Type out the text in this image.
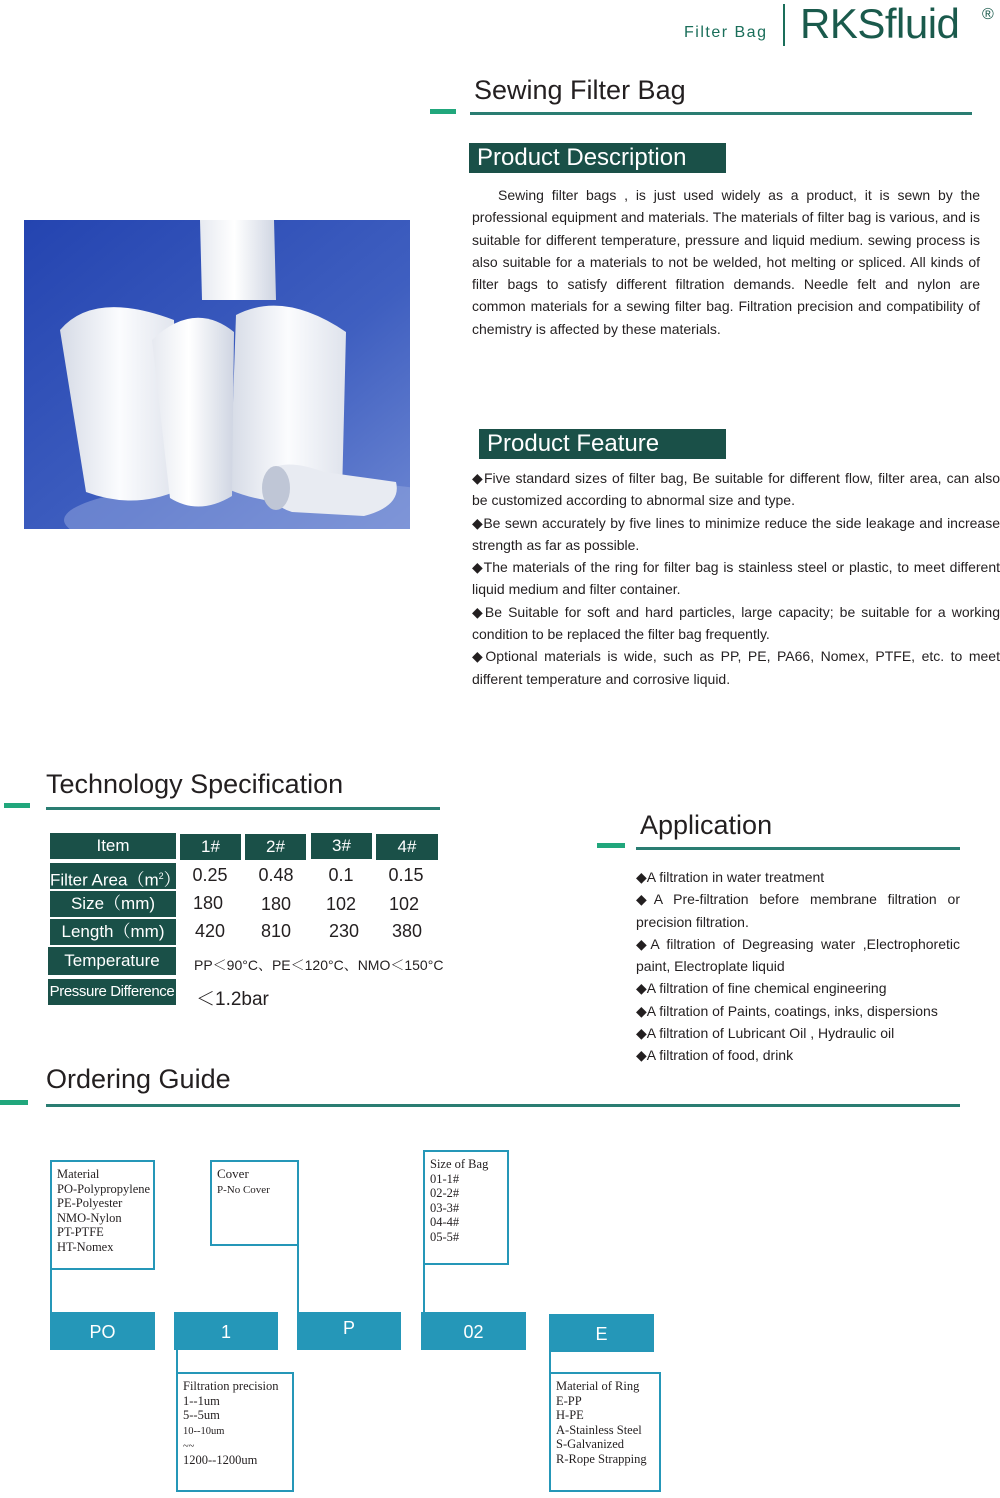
Filter Bag RKSfluid ®
Sewing Filter Bag
Product Description

Sewing filter bags , is just used widely as a product, it is sewn by the professional equipment and materials. The materials of filter bag is various, and is suitable for different temperature, pressure and liquid medium. sewing process is also suitable for a materials to not be welded, hot melting or spliced. All kinds of filter bags to satisfy different filtration demands. Needle felt and nylon are common materials for a sewing filter bag. Filtration precision and compatibility of chemistry is affected by these materials.

Product Feature

◆ Five standard sizes of filter bag, Be suitable for different flow, filter area, can also be customized according to abnormal size and type.

◆ Be sewn accurately by five lines to minimize reduce the side leakage and increase strength as far as possible.

◆ The materials of the ring for filter bag is stainless steel or plastic, to meet different liquid medium and filter container.

◆ Be Suitable for soft and hard particles, large capacity; be suitable for a working condition to be replaced the filter bag frequently.

◆ Optional materials is wide, such as PP, PE, PA66, Nomex, PTFE, etc. to meet different temperature and corrosive liquid.

Technology Specification
Item	1#	2#	3#	4#
Filter $Area(m^2)$ 0.25	0.48	0.1	0.15
Size（mm)	180	180	102	102
Length（mm)	420	810	230	380
Temperature	PP＜90°C、PE＜120°C、NMO＜150°C
Pressure Difference ＜1.2bar
Application

◆ A filtration in water treatment

◆ A Pre-filtration before membrane filtration or precision filtration.

◆ A filtration of Degreasing water ,Electrophoretic paint, Electroplate liquid

◆ A filtration of fine chemical engineering

◆ A filtration of Paints, coatings, inks, dispersions

◆ A filtration of Lubricant Oil , Hydraulic oil

◆ A filtration of food, drink

Ordering Guide
Material
PO-Polypropylene
PE-Polyester
NMO-Nylon
PT-PTFE
HT-Nomex
Cover
P-No Cover
Size of Bag
01-1#
02-2#
03-3#
04-4#
05-5#
PO	1	P	02	E
Filtration precision
1--1um
5--5um
10--10um
~~
1200--1200um
Material of Ring
E-PP
H-PE
A-Stainless Steel
S-Galvanized
R-Rope Strapping
